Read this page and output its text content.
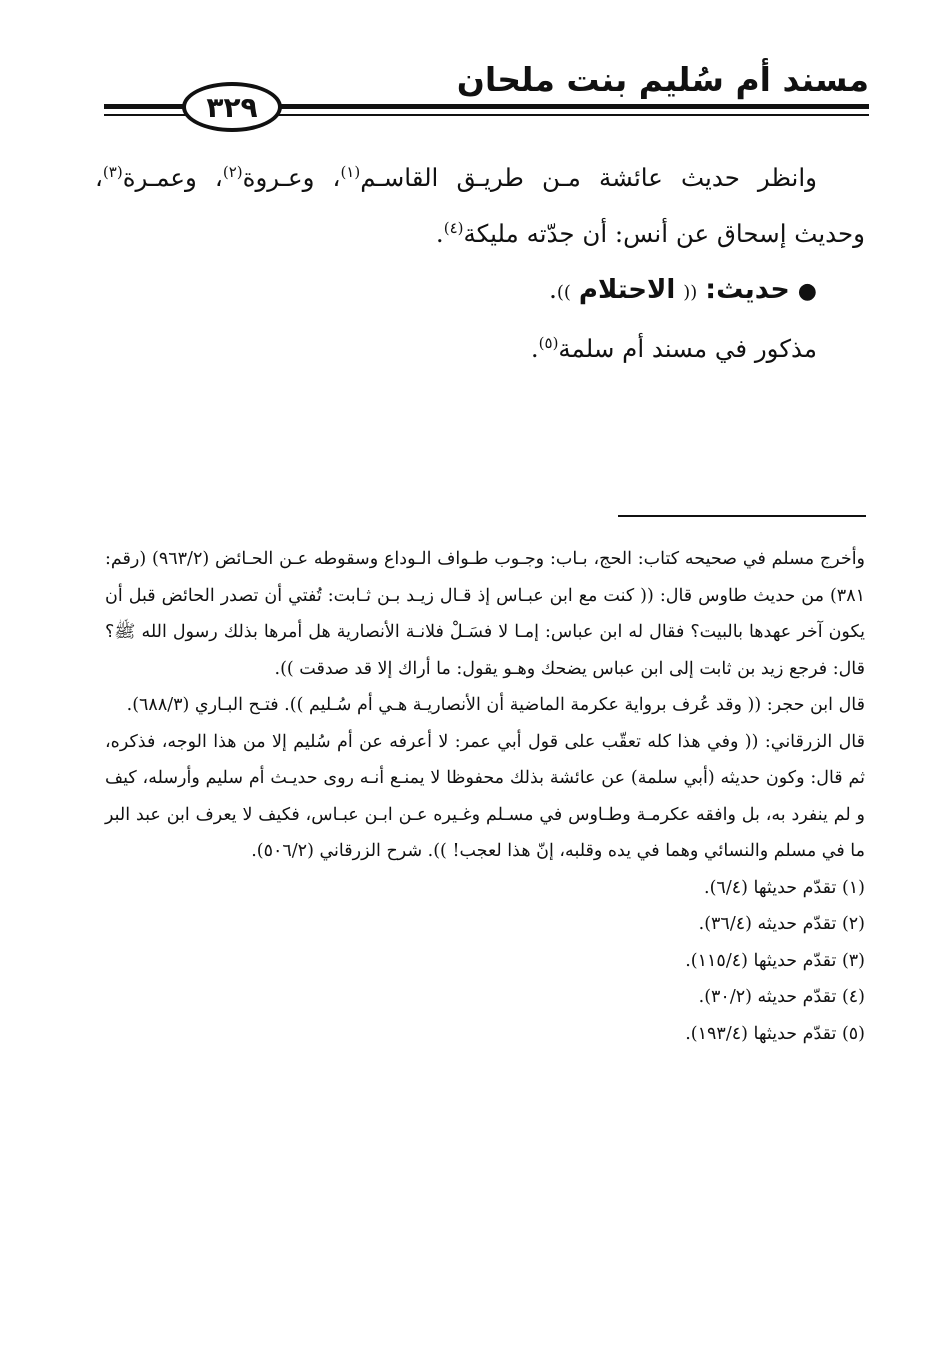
مسند أم سُليم بنت ملحان
٣٢٩

وانظر حديث عائشة مـن طريـق القاسـم$^{(١)}$، وعـروة$^{(٢)}$، وعمـرة$^{(٣)}$، وحديث إسحاق عن أنس: أن جدّته مليكة$^{(٤)}$.

● حديث: (( الاحتلام )).

مذكور في مسند أم سلمة$^{(٥)}$.

وأخرج مسلم في صحيحه كتاب: الحج، بـاب: وجـوب طـواف الـوداع وسقوطه عـن الحـائض (٩٦٣/٢) (رقم: ٣٨١) من حديث طاوس قال: (( كنت مع ابن عبـاس إذ قـال زيـد بـن ثـابت: تُفتي أن تصدر الحائض قبل أن يكون آخر عهدها بالبيت؟ فقال له ابن عباس: إمـا لا فسَـلْ فلانـة الأنصارية هل أمرها بذلك رسول الله ﷺ؟ قال: فرجع زيد بن ثابت إلى ابن عباس يضحك وهـو يقول: ما أراك إلا قد صدقت )).

قال ابن حجر: (( وقد عُرف برواية عكرمة الماضية أن الأنصاريـة هـي أم سُـليم )). فتـح البـاري (٦٨٨/٣).

قال الزرقاني: (( وفي هذا كله تعقّب على قول أبي عمر: لا أعرفه عن أم سُليم إلا من هذا الوجه، فذكره، ثم قال: وكون حديثه (أبي سلمة) عن عائشة بذلك محفوظا لا يمنـع أنـه روى حديـث أم سليم وأرسله، كيف و لم ينفرد به، بل وافقه عكرمـة وطـاوس في مسـلم وغـيره عـن ابـن عبـاس، فكيف لا يعرف ابن عبد البر ما في مسلم والنسائي وهما في يده وقلبه، إنّ هذا لعجب! )). شرح الزرقاني (٥٠٦/٢).

(١) تقدّم حديثها (٦/٤).

(٢) تقدّم حديثه (٣٦/٤).

(٣) تقدّم حديثها (١١٥/٤).

(٤) تقدّم حديثه (٣٠/٢).

(٥) تقدّم حديثها (١٩٣/٤).
